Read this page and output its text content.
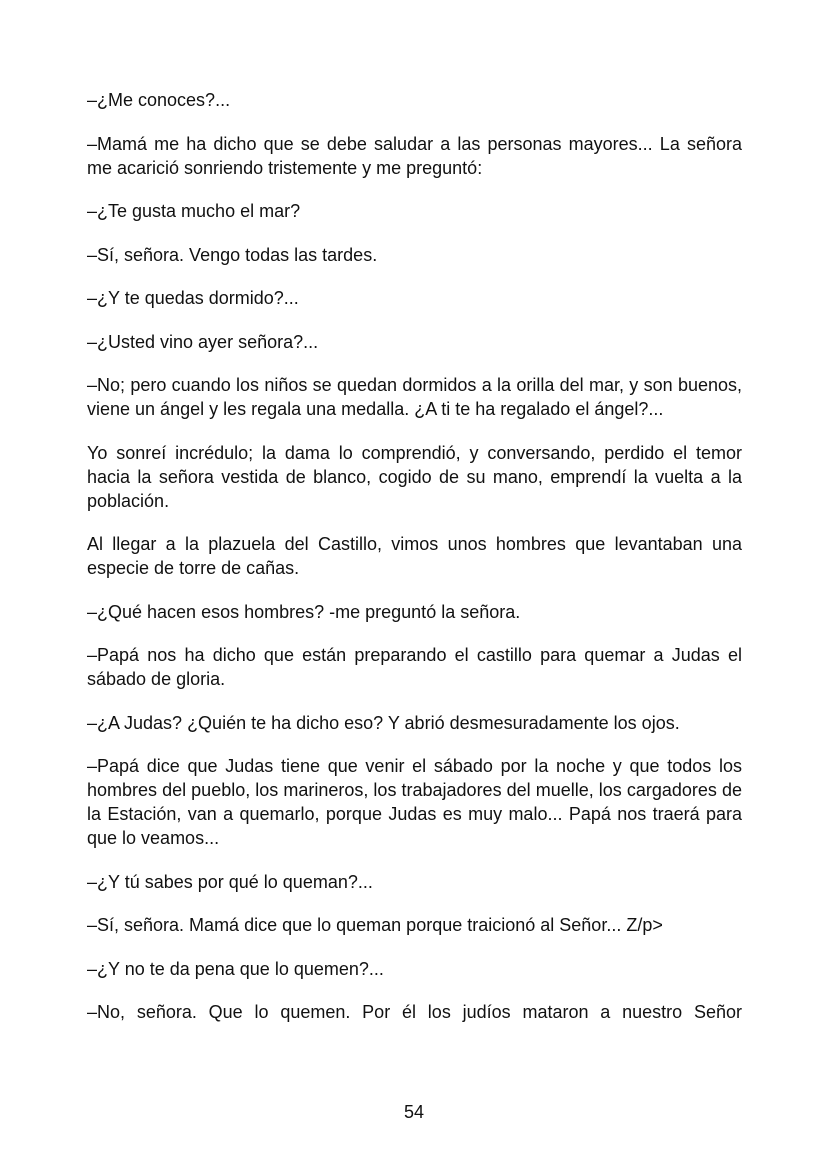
–¿Me conoces?...

–Mamá me ha dicho que se debe saludar a las personas mayores... La señora me acarició sonriendo tristemente y me preguntó:

–¿Te gusta mucho el mar?

–Sí, señora. Vengo todas las tardes.

–¿Y te quedas dormido?...

–¿Usted vino ayer señora?...

–No; pero cuando los niños se quedan dormidos a la orilla del mar, y son buenos, viene un ángel y les regala una medalla. ¿A ti te ha regalado el ángel?...

Yo sonreí incrédulo; la dama lo comprendió, y conversando, perdido el temor hacia la señora vestida de blanco, cogido de su mano, emprendí la vuelta a la población.

Al llegar a la plazuela del Castillo, vimos unos hombres que levantaban una especie de torre de cañas.

–¿Qué hacen esos hombres? -me preguntó la señora.

–Papá nos ha dicho que están preparando el castillo para quemar a Judas el sábado de gloria.

–¿A Judas? ¿Quién te ha dicho eso? Y abrió desmesuradamente los ojos.

–Papá dice que Judas tiene que venir el sábado por la noche y que todos los hombres del pueblo, los marineros, los trabajadores del muelle, los cargadores de la Estación, van a quemarlo, porque Judas es muy malo... Papá nos traerá para que lo veamos...

–¿Y tú sabes por qué lo queman?...

–Sí, señora. Mamá dice que lo queman porque traicionó al Señor... Z/p>

–¿Y no te da pena que lo quemen?...

–No, señora. Que lo quemen. Por él los judíos mataron a nuestro Señor

54
